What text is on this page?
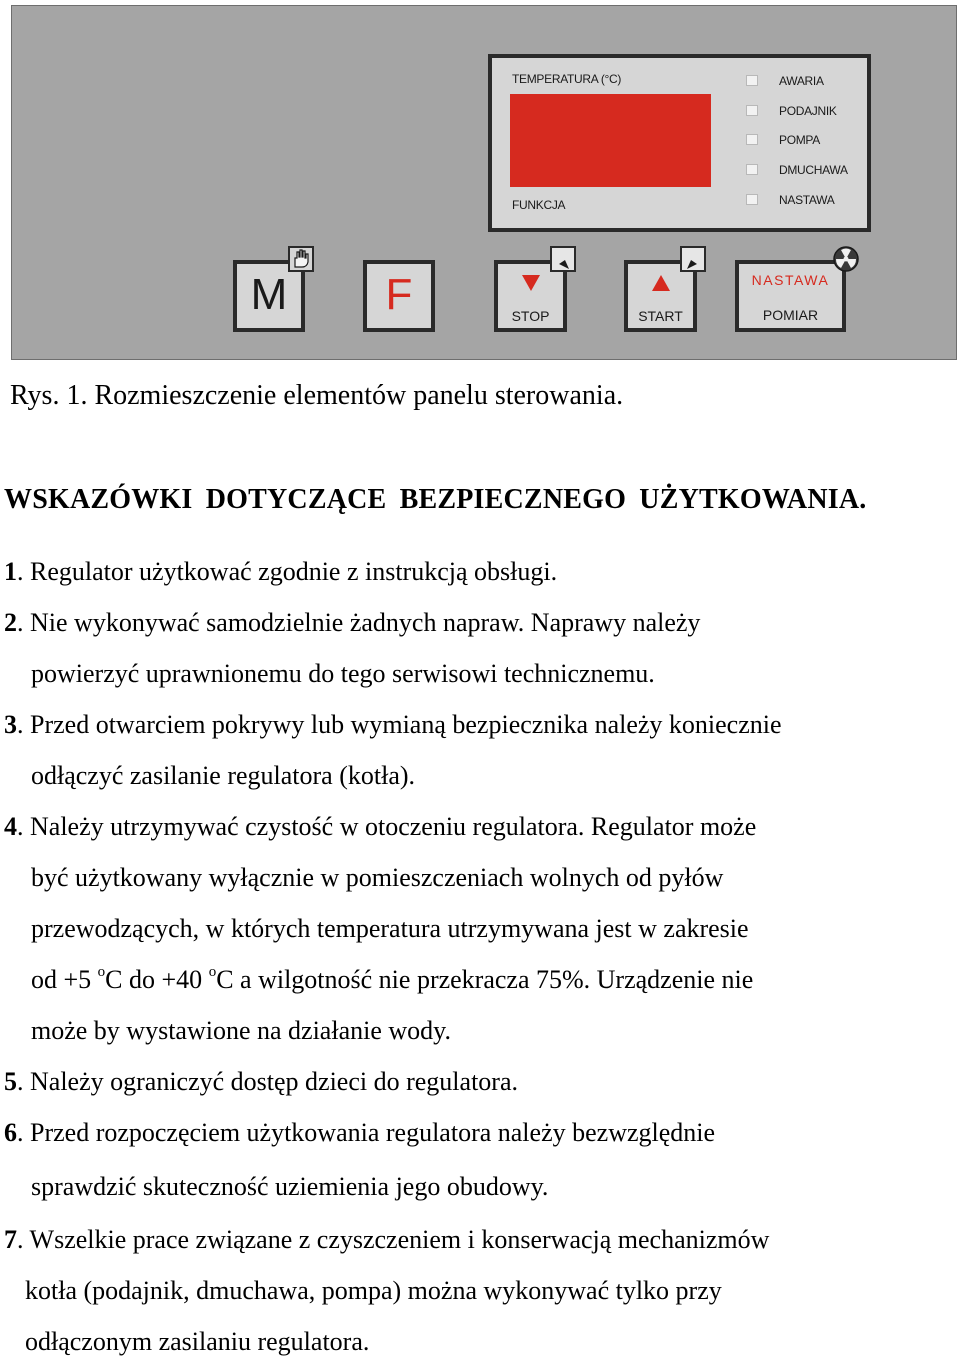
TEMPERATURA (°C)
FUNKCJA
AWARIA
PODAJNIK
POMPA
DMUCHAWA
NASTAWA
M	F	STOP	START
NASTAWA
POMIAR
Rys. 1. Rozmieszczenie elementów panelu sterowania.
WSKAZÓWKI DOTYCZĄCE BEZPIECZNEGO UŻYTKOWANIA.
1. Regulator użytkować zgodnie z instrukcją obsługi.
2. Nie wykonywać samodzielnie żadnych napraw. Naprawy należy
powierzyć uprawnionemu do tego serwisowi technicznemu.
3. Przed otwarciem pokrywy lub wymianą bezpiecznika należy koniecznie
odłączyć zasilanie regulatora (kotła).
4. Należy utrzymywać czystość w otoczeniu regulatora. Regulator może
być użytkowany wyłącznie w pomieszczeniach wolnych od pyłów
przewodzących, w których temperatura utrzymywana jest w zakresie
od +5 $^o$C do +40 $^o$C a wilgotność nie przekracza 75%. Urządzenie nie
może by wystawione na działanie wody.
5. Należy ograniczyć dostęp dzieci do regulatora.
6. Przed rozpoczęciem użytkowania regulatora należy bezwzględnie
sprawdzić skuteczność uziemienia jego obudowy.
7. Wszelkie prace związane z czyszczeniem i konserwacją mechanizmów
kotła (podajnik, dmuchawa, pompa) można wykonywać tylko przy
odłączonym zasilaniu regulatora.
